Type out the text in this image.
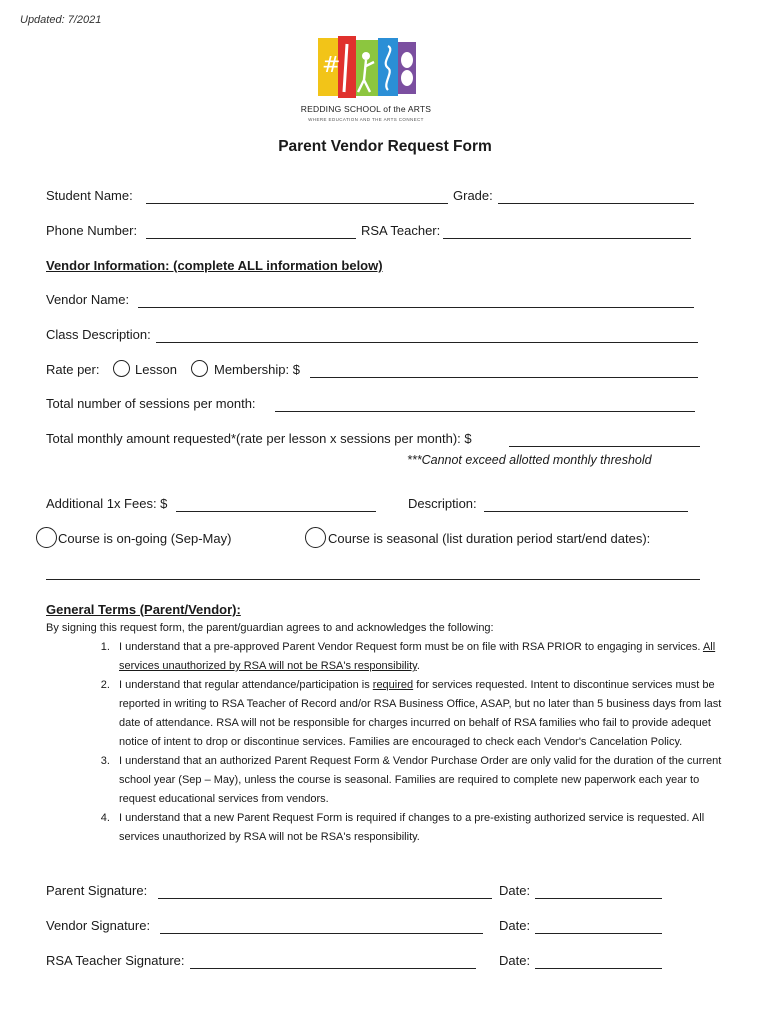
Updated: 7/2021
#
REDDING SCHOOL of the ARTS
WHERE EDUCATION AND THE ARTS CONNECT
Parent Vendor Request Form
Student Name:	Grade:
Phone Number:	RSA Teacher:
Vendor Information: (complete ALL information below)
Vendor Name:
Class Description:
Rate per:	Lesson	Membership: $
Total number of sessions per month:
Total monthly amount requested*(rate per lesson x sessions per month): $
***Cannot exceed allotted monthly threshold
Additional 1x Fees: $	Description:
Course is on-going (Sep-May)	Course is seasonal (list duration period start/end dates):
General Terms (Parent/Vendor):
By signing this request form, the parent/guardian agrees to and acknowledges the following:
1. I understand that a pre-approved Parent Vendor Request form must be on file with RSA PRIOR to engaging in services. All services unauthorized by RSA will not be RSA's responsibility.
2. I understand that regular attendance/participation is required for services requested. Intent to discontinue services must be reported in writing to RSA Teacher of Record and/or RSA Business Office, ASAP, but no later than 5 business days from last date of attendance. RSA will not be responsible for charges incurred on behalf of RSA families who fail to provide adequet notice of intent to drop or discontinue services. Families are encouraged to check each Vendor's Cancelation Policy.
3. I understand that an authorized Parent Request Form & Vendor Purchase Order are only valid for the duration of the current school year (Sep – May), unless the course is seasonal. Families are required to complete new paperwork each year to request educational services from vendors.
4. I understand that a new Parent Request Form is required if changes to a pre-existing authorized service is requested. All services unauthorized by RSA will not be RSA's responsibility.
Parent Signature:	Date:
Vendor Signature:	Date:
RSA Teacher Signature:	Date:
